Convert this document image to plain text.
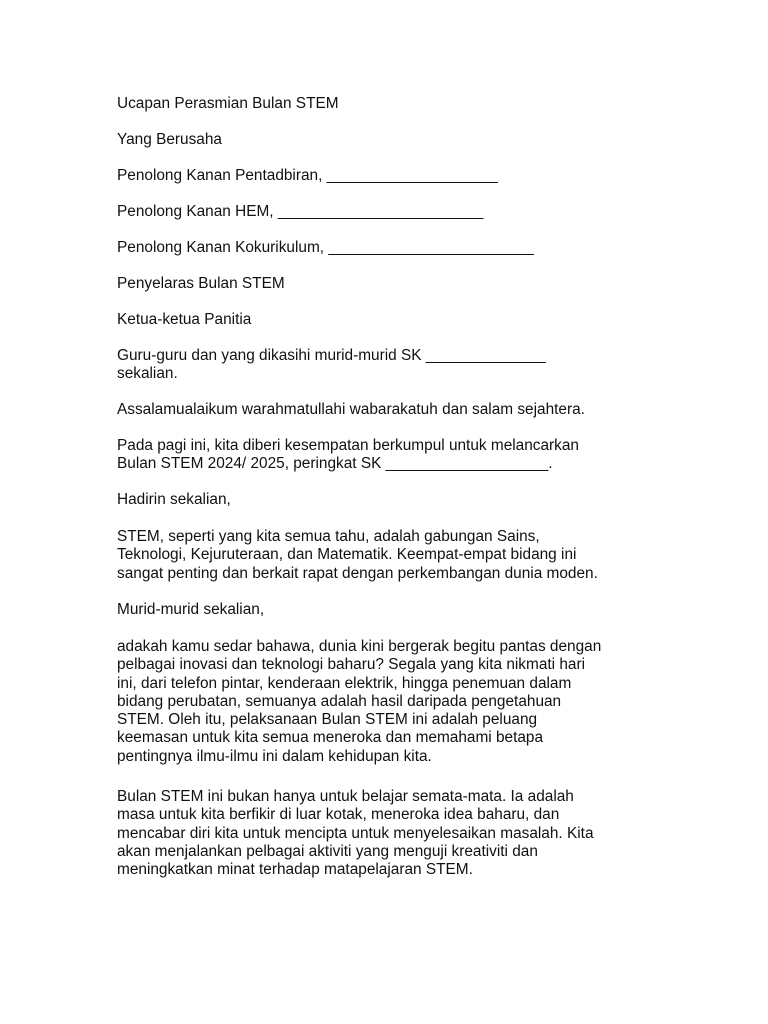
Ucapan Perasmian Bulan STEM

Yang Berusaha

Penolong Kanan Pentadbiran, ____________________

Penolong Kanan HEM, ________________________

Penolong Kanan Kokurikulum, ________________________

Penyelaras Bulan STEM

Ketua-ketua Panitia

Guru-guru dan yang dikasihi murid-murid SK ______________
sekalian.

Assalamualaikum warahmatullahi wabarakatuh dan salam sejahtera.

Pada pagi ini, kita diberi kesempatan berkumpul untuk melancarkan
Bulan STEM 2024/ 2025, peringkat SK ___________________.

Hadirin sekalian,

STEM, seperti yang kita semua tahu, adalah gabungan Sains,
Teknologi, Kejuruteraan, dan Matematik. Keempat-empat bidang ini
sangat penting dan berkait rapat dengan perkembangan dunia moden.

Murid-murid sekalian,

adakah kamu sedar bahawa, dunia kini bergerak begitu pantas dengan
pelbagai inovasi dan teknologi baharu? Segala yang kita nikmati hari
ini, dari telefon pintar, kenderaan elektrik, hingga penemuan dalam
bidang perubatan, semuanya adalah hasil daripada pengetahuan
STEM. Oleh itu, pelaksanaan Bulan STEM ini adalah peluang
keemasan untuk kita semua meneroka dan memahami betapa
pentingnya ilmu-ilmu ini dalam kehidupan kita.

Bulan STEM ini bukan hanya untuk belajar semata-mata. Ia adalah
masa untuk kita berfikir di luar kotak, meneroka idea baharu, dan
mencabar diri kita untuk mencipta untuk menyelesaikan masalah. Kita
akan menjalankan pelbagai aktiviti yang menguji kreativiti dan
meningkatkan minat terhadap matapelajaran STEM.
